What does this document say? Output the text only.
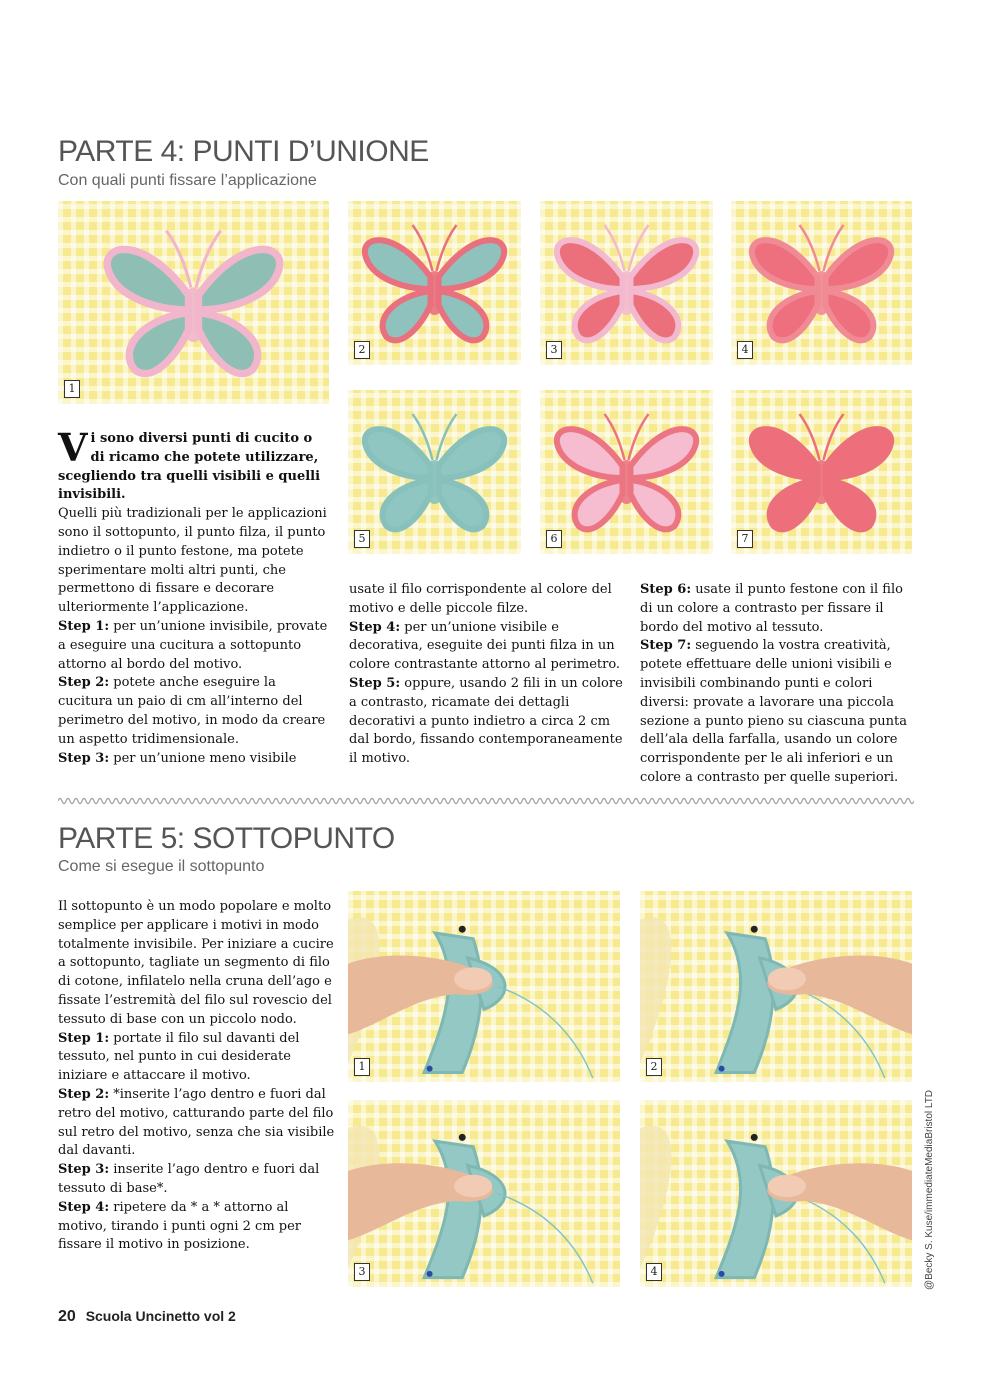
PARTE 4: PUNTI D’UNIONE
Con quali punti fissare l’applicazione
1
2	3	4
5	6	7
Vi sono diversi punti di cucito o di ricamo che potete utilizzare, scegliendo tra quelli visibili e quelli invisibili.
Quelli più tradizionali per le applicazioni sono il sottopunto, il punto filza, il punto indietro o il punto festone, ma potete sperimentare molti altri punti, che permettono di fissare e decorare ulteriormente l’applicazione.
Step 1: per un’unione invisibile, provate a eseguire una cucitura a sottopunto attorno al bordo del motivo.
Step 2: potete anche eseguire la cucitura un paio di cm all’interno del perimetro del motivo, in modo da creare un aspetto tridimensionale.
Step 3: per un’unione meno visibile
usate il filo corrispondente al colore del motivo e delle piccole filze.
Step 4: per un’unione visibile e decorativa, eseguite dei punti filza in un colore contrastante attorno al perimetro.
Step 5: oppure, usando 2 fili in un colore a contrasto, ricamate dei dettagli decorativi a punto indietro a circa 2 cm dal bordo, fissando contemporaneamente il motivo.
Step 6: usate il punto festone con il filo di un colore a contrasto per fissare il bordo del motivo al tessuto.
Step 7: seguendo la vostra creatività, potete effettuare delle unioni visibili e invisibili combinando punti e colori diversi: provate a lavorare una piccola sezione a punto pieno su ciascuna punta dell’ala della farfalla, usando un colore corrispondente per le ali inferiori e un colore a contrasto per quelle superiori.
PARTE 5: SOTTOPUNTO
Come si esegue il sottopunto
Il sottopunto è un modo popolare e molto semplice per applicare i motivi in modo totalmente invisibile. Per iniziare a cucire a sottopunto, tagliate un segmento di filo di cotone, infilatelo nella cruna dell’ago e fissate l’estremità del filo sul rovescio del tessuto di base con un piccolo nodo.
Step 1: portate il filo sul davanti del tessuto, nel punto in cui desiderate iniziare e attaccare il motivo.
Step 2: *inserite l’ago dentro e fuori dal retro del motivo, catturando parte del filo sul retro del motivo, senza che sia visibile dal davanti.
Step 3: inserite l’ago dentro e fuori dal tessuto di base*.
Step 4: ripetere da * a * attorno al motivo, tirando i punti ogni 2 cm per fissare il motivo in posizione.
1	2
3	4	@Becky S. Kuse/immediateMediaBristol LTD
20 Scuola Uncinetto vol 2
